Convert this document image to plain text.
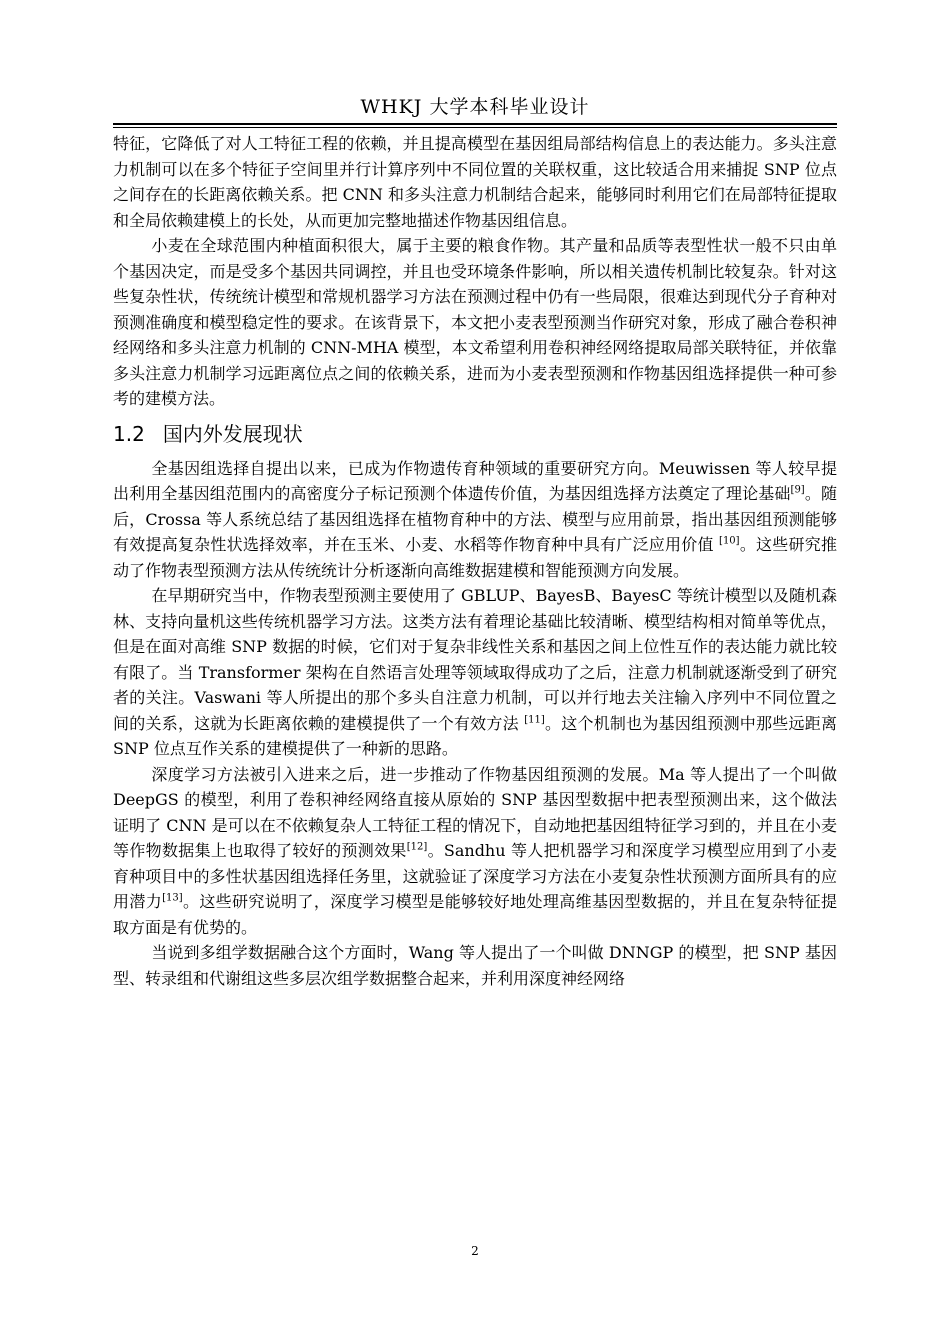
WHKJ 大学本科毕业设计

特征，它降低了对人工特征工程的依赖，并且提高模型在基因组局部结构信息上的表达能力。多头注意力机制可以在多个特征子空间里并行计算序列中不同位置的关联权重，这比较适合用来捕捉 SNP 位点之间存在的长距离依赖关系。把 CNN 和多头注意力机制结合起来，能够同时利用它们在局部特征提取和全局依赖建模上的长处，从而更加完整地描述作物基因组信息。

小麦在全球范围内种植面积很大，属于主要的粮食作物。其产量和品质等表型性状一般不只由单个基因决定，而是受多个基因共同调控，并且也受环境条件影响，所以相关遗传机制比较复杂。针对这些复杂性状，传统统计模型和常规机器学习方法在预测过程中仍有一些局限，很难达到现代分子育种对预测准确度和模型稳定性的要求。在该背景下，本文把小麦表型预测当作研究对象，形成了融合卷积神经网络和多头注意力机制的 CNN-MHA 模型，本文希望利用卷积神经网络提取局部关联特征，并依靠多头注意力机制学习远距离位点之间的依赖关系，进而为小麦表型预测和作物基因组选择提供一种可参考的建模方法。

1.2 国内外发展现状

全基因组选择自提出以来，已成为作物遗传育种领域的重要研究方向。Meuwissen 等人较早提出利用全基因组范围内的高密度分子标记预测个体遗传价值，为基因组选择方法奠定了理论基础[9]。随后，Crossa 等人系统总结了基因组选择在植物育种中的方法、模型与应用前景，指出基因组预测能够有效提高复杂性状选择效率，并在玉米、小麦、水稻等作物育种中具有广泛应用价值 [10]。这些研究推动了作物表型预测方法从传统统计分析逐渐向高维数据建模和智能预测方向发展。

在早期研究当中，作物表型预测主要使用了 GBLUP、BayesB、BayesC 等统计模型以及随机森林、支持向量机这些传统机器学习方法。这类方法有着理论基础比较清晰、模型结构相对简单等优点，但是在面对高维 SNP 数据的时候，它们对于复杂非线性关系和基因之间上位性互作的表达能力就比较有限了。当 Transformer 架构在自然语言处理等领域取得成功了之后，注意力机制就逐渐受到了研究者的关注。Vaswani 等人所提出的那个多头自注意力机制，可以并行地去关注输入序列中不同位置之间的关系，这就为长距离依赖的建模提供了一个有效方法 [11]。这个机制也为基因组预测中那些远距离 SNP 位点互作关系的建模提供了一种新的思路。

深度学习方法被引入进来之后，进一步推动了作物基因组预测的发展。Ma 等人提出了一个叫做 DeepGS 的模型，利用了卷积神经网络直接从原始的 SNP 基因型数据中把表型预测出来，这个做法证明了 CNN 是可以在不依赖复杂人工特征工程的情况下，自动地把基因组特征学习到的，并且在小麦等作物数据集上也取得了较好的预测效果[12]。Sandhu 等人把机器学习和深度学习模型应用到了小麦育种项目中的多性状基因组选择任务里，这就验证了深度学习方法在小麦复杂性状预测方面所具有的应用潜力[13]。这些研究说明了，深度学习模型是能够较好地处理高维基因型数据的，并且在复杂特征提取方面是有优势的。

当说到多组学数据融合这个方面时，Wang 等人提出了一个叫做 DNNGP 的模型，把 SNP 基因型、转录组和代谢组这些多层次组学数据整合起来，并利用深度神经网络

2
